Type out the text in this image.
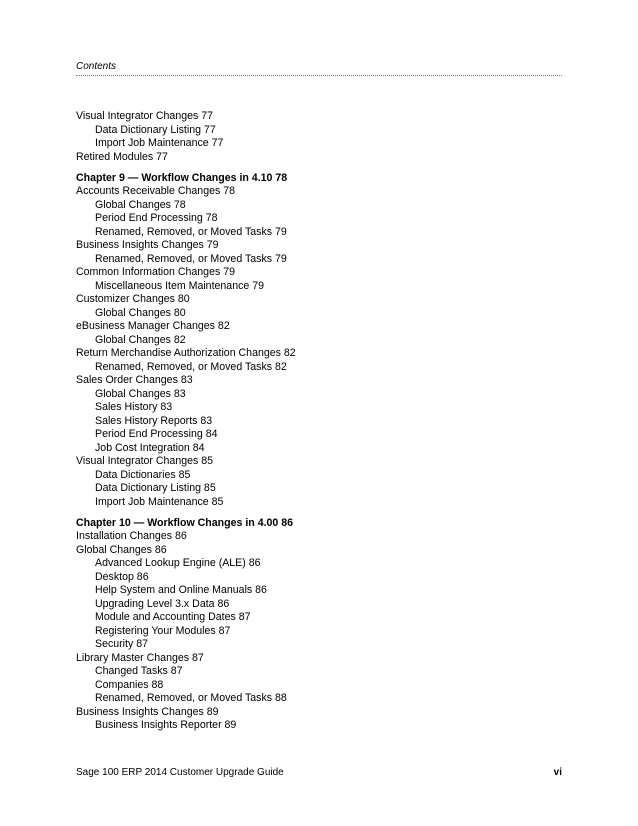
Contents
Visual Integrator Changes 77
Data Dictionary Listing 77
Import Job Maintenance 77
Retired Modules 77
Chapter 9 — Workflow Changes in 4.10 78
Accounts Receivable Changes 78
Global Changes 78
Period End Processing 78
Renamed, Removed, or Moved Tasks 79
Business Insights Changes 79
Renamed, Removed, or Moved Tasks 79
Common Information Changes 79
Miscellaneous Item Maintenance 79
Customizer Changes 80
Global Changes 80
eBusiness Manager Changes 82
Global Changes 82
Return Merchandise Authorization Changes 82
Renamed, Removed, or Moved Tasks 82
Sales Order Changes 83
Global Changes 83
Sales History 83
Sales History Reports 83
Period End Processing 84
Job Cost Integration 84
Visual Integrator Changes 85
Data Dictionaries 85
Data Dictionary Listing 85
Import Job Maintenance 85
Chapter 10 — Workflow Changes in 4.00 86
Installation Changes 86
Global Changes 86
Advanced Lookup Engine (ALE) 86
Desktop 86
Help System and Online Manuals 86
Upgrading Level 3.x Data 86
Module and Accounting Dates 87
Registering Your Modules 87
Security 87
Library Master Changes 87
Changed Tasks 87
Companies 88
Renamed, Removed, or Moved Tasks 88
Business Insights Changes 89
Business Insights Reporter 89
Sage 100 ERP 2014 Customer Upgrade Guide	vi
